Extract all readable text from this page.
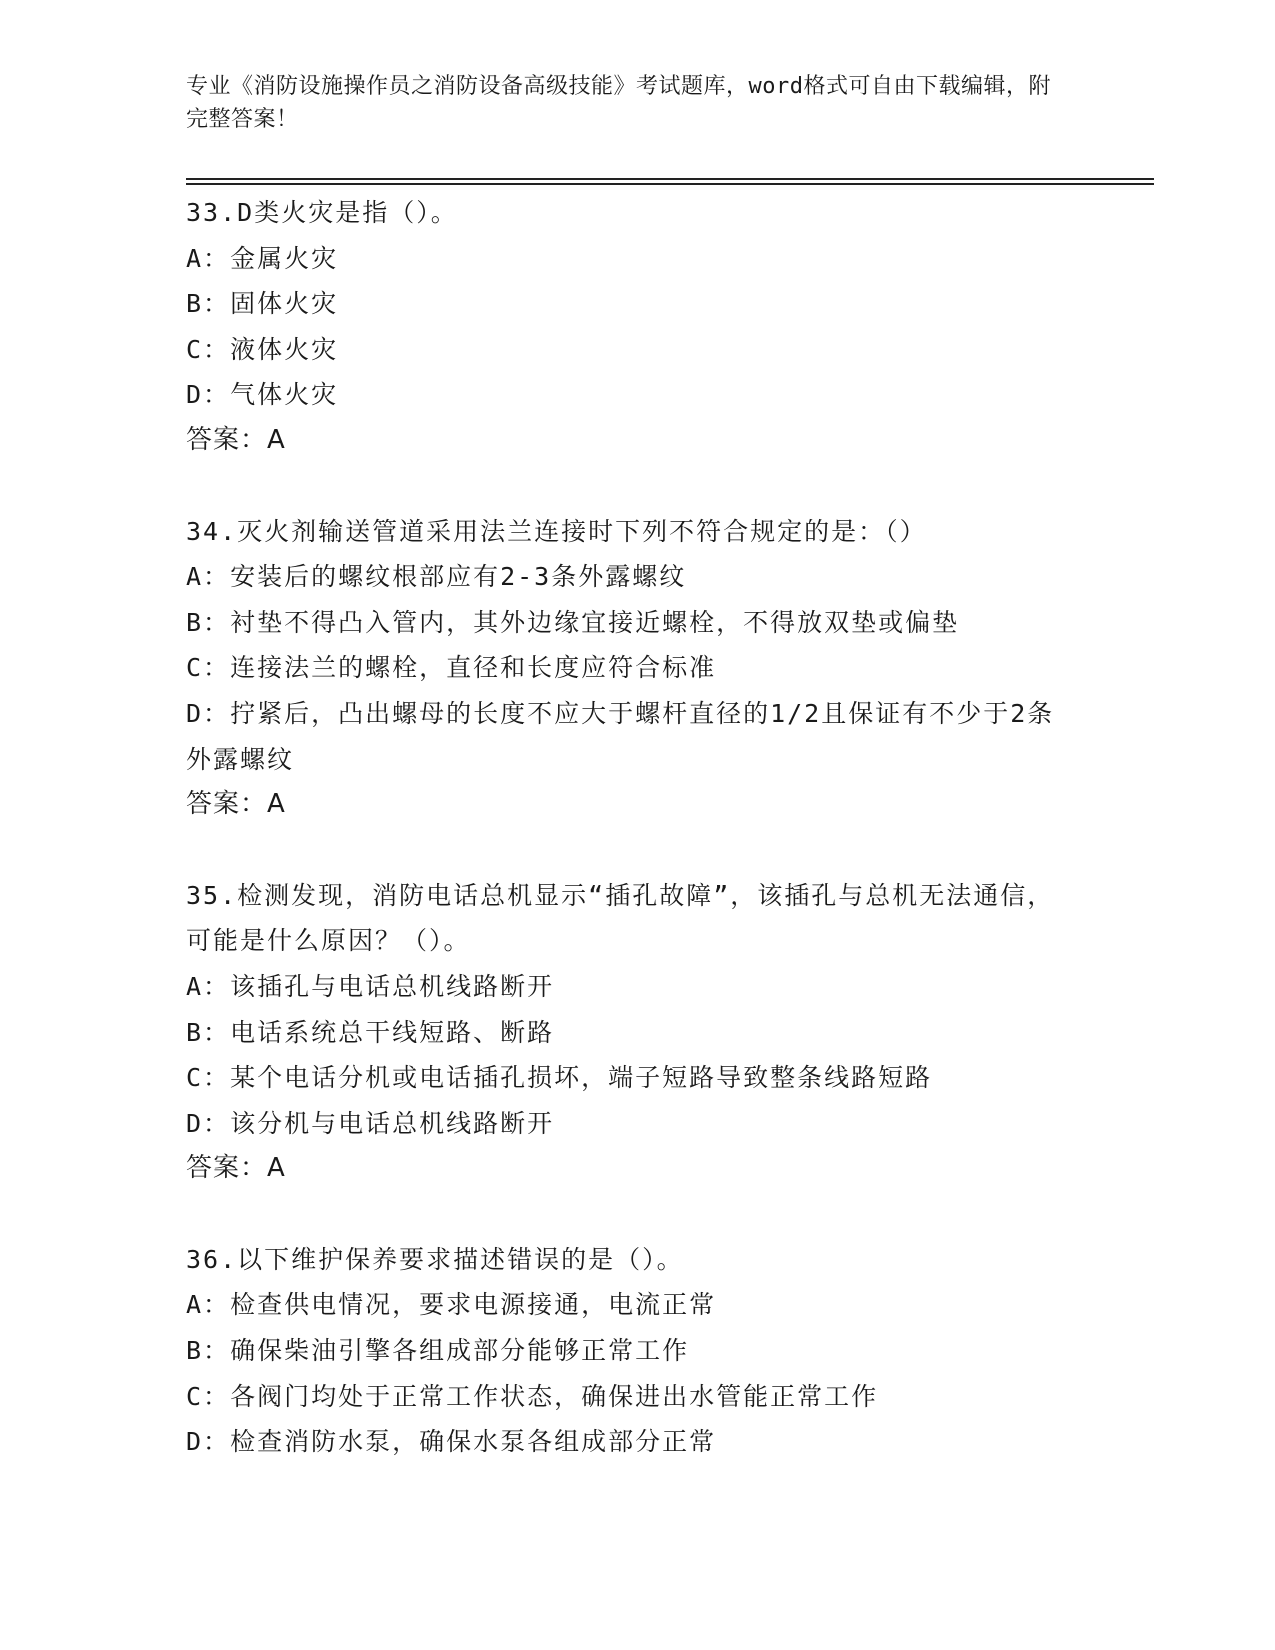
专业《消防设施操作员之消防设备高级技能》考试题库，word格式可自由下载编辑，附完整答案！

33.D类火灾是指（）。

A：金属火灾

B：固体火灾

C：液体火灾

D：气体火灾

答案：A

34.灭火剂输送管道采用法兰连接时下列不符合规定的是：（）

A：安装后的螺纹根部应有2-3条外露螺纹

B：衬垫不得凸入管内，其外边缘宜接近螺栓，不得放双垫或偏垫

C：连接法兰的螺栓，直径和长度应符合标准

D：拧紧后，凸出螺母的长度不应大于螺杆直径的1/2且保证有不少于2条外露螺纹

答案：A

35.检测发现，消防电话总机显示“插孔故障”，该插孔与总机无法通信，可能是什么原因？（）。

A：该插孔与电话总机线路断开

B：电话系统总干线短路、断路

C：某个电话分机或电话插孔损坏，端子短路导致整条线路短路

D：该分机与电话总机线路断开

答案：A

36.以下维护保养要求描述错误的是（）。

A：检查供电情况，要求电源接通，电流正常

B：确保柴油引擎各组成部分能够正常工作

C：各阀门均处于正常工作状态，确保进出水管能正常工作

D：检查消防水泵，确保水泵各组成部分正常
